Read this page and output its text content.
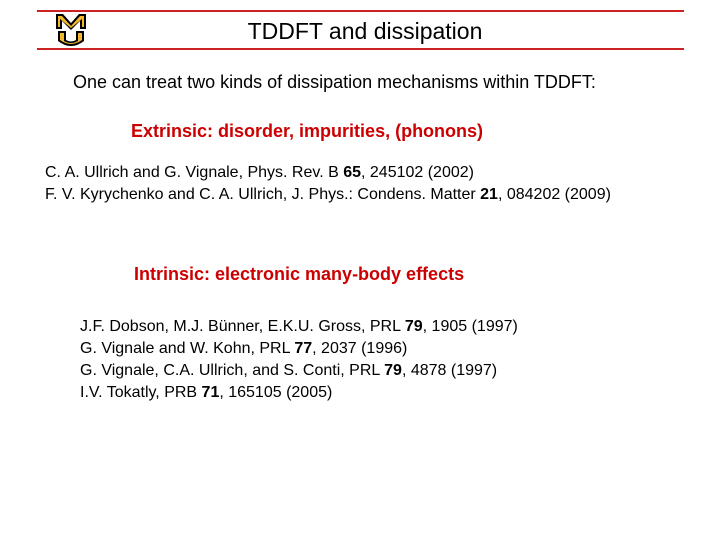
TDDFT and dissipation
One can treat two kinds of dissipation mechanisms within TDDFT:
Extrinsic: disorder, impurities, (phonons)
C. A. Ullrich and G. Vignale, Phys. Rev. B 65, 245102 (2002)
F. V. Kyrychenko and C. A. Ullrich, J. Phys.: Condens. Matter 21, 084202 (2009)
Intrinsic: electronic many-body effects
J.F. Dobson, M.J. Bünner, E.K.U. Gross, PRL 79, 1905 (1997)
G. Vignale and W. Kohn, PRL 77, 2037 (1996)
G. Vignale, C.A. Ullrich, and S. Conti, PRL 79, 4878 (1997)
I.V. Tokatly, PRB 71, 165105 (2005)
